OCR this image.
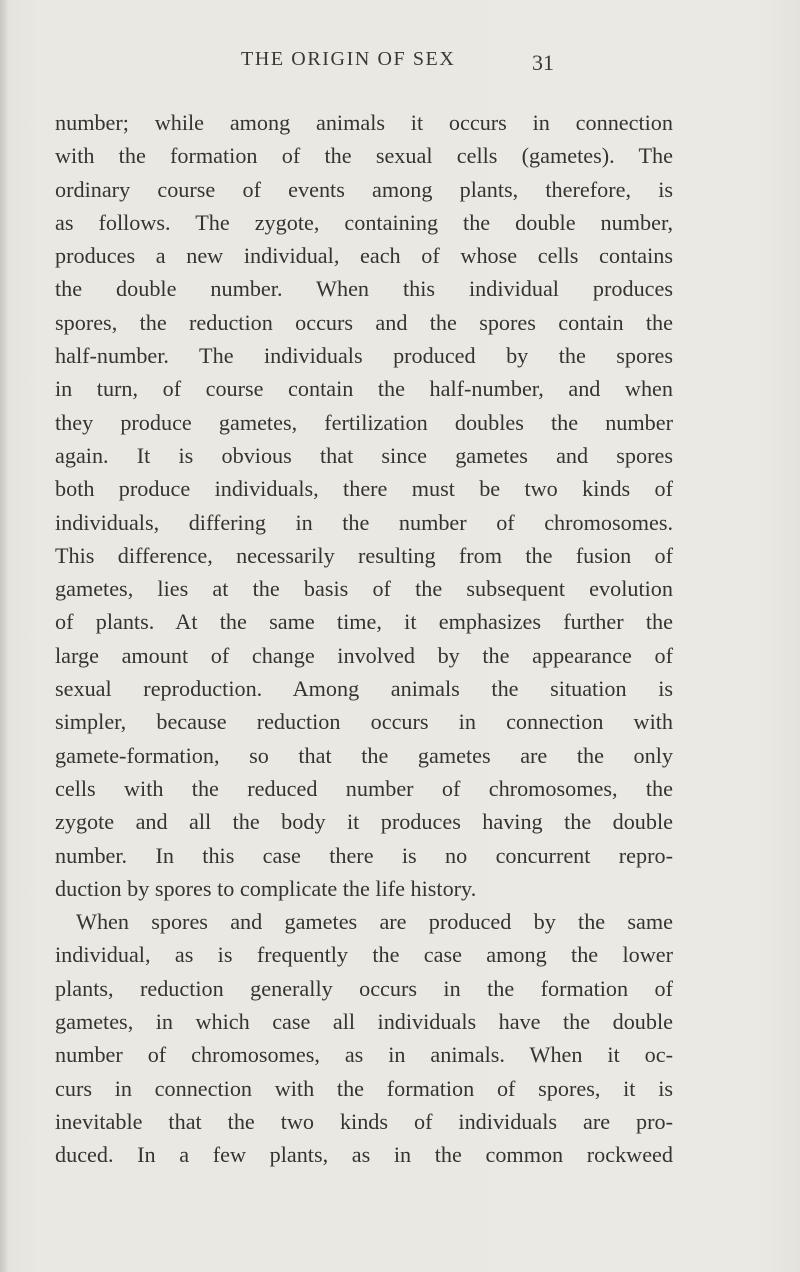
THE ORIGIN OF SEX	31
number; while among animals it occurs in connection
with the formation of the sexual cells (gametes). The
ordinary course of events among plants, therefore, is
as follows. The zygote, containing the double number,
produces a new individual, each of whose cells contains
the double number. When this individual produces
spores, the reduction occurs and the spores contain the
half-number. The individuals produced by the spores
in turn, of course contain the half-number, and when
they produce gametes, fertilization doubles the number
again. It is obvious that since gametes and spores
both produce individuals, there must be two kinds of
individuals, differing in the number of chromosomes.
This difference, necessarily resulting from the fusion of
gametes, lies at the basis of the subsequent evolution
of plants. At the same time, it emphasizes further the
large amount of change involved by the appearance of
sexual reproduction. Among animals the situation is
simpler, because reduction occurs in connection with
gamete-formation, so that the gametes are the only
cells with the reduced number of chromosomes, the
zygote and all the body it produces having the double
number. In this case there is no concurrent repro-
duction by spores to complicate the life history.
When spores and gametes are produced by the same
individual, as is frequently the case among the lower
plants, reduction generally occurs in the formation of
gametes, in which case all individuals have the double
number of chromosomes, as in animals. When it oc-
curs in connection with the formation of spores, it is
inevitable that the two kinds of individuals are pro-
duced. In a few plants, as in the common rockweed
